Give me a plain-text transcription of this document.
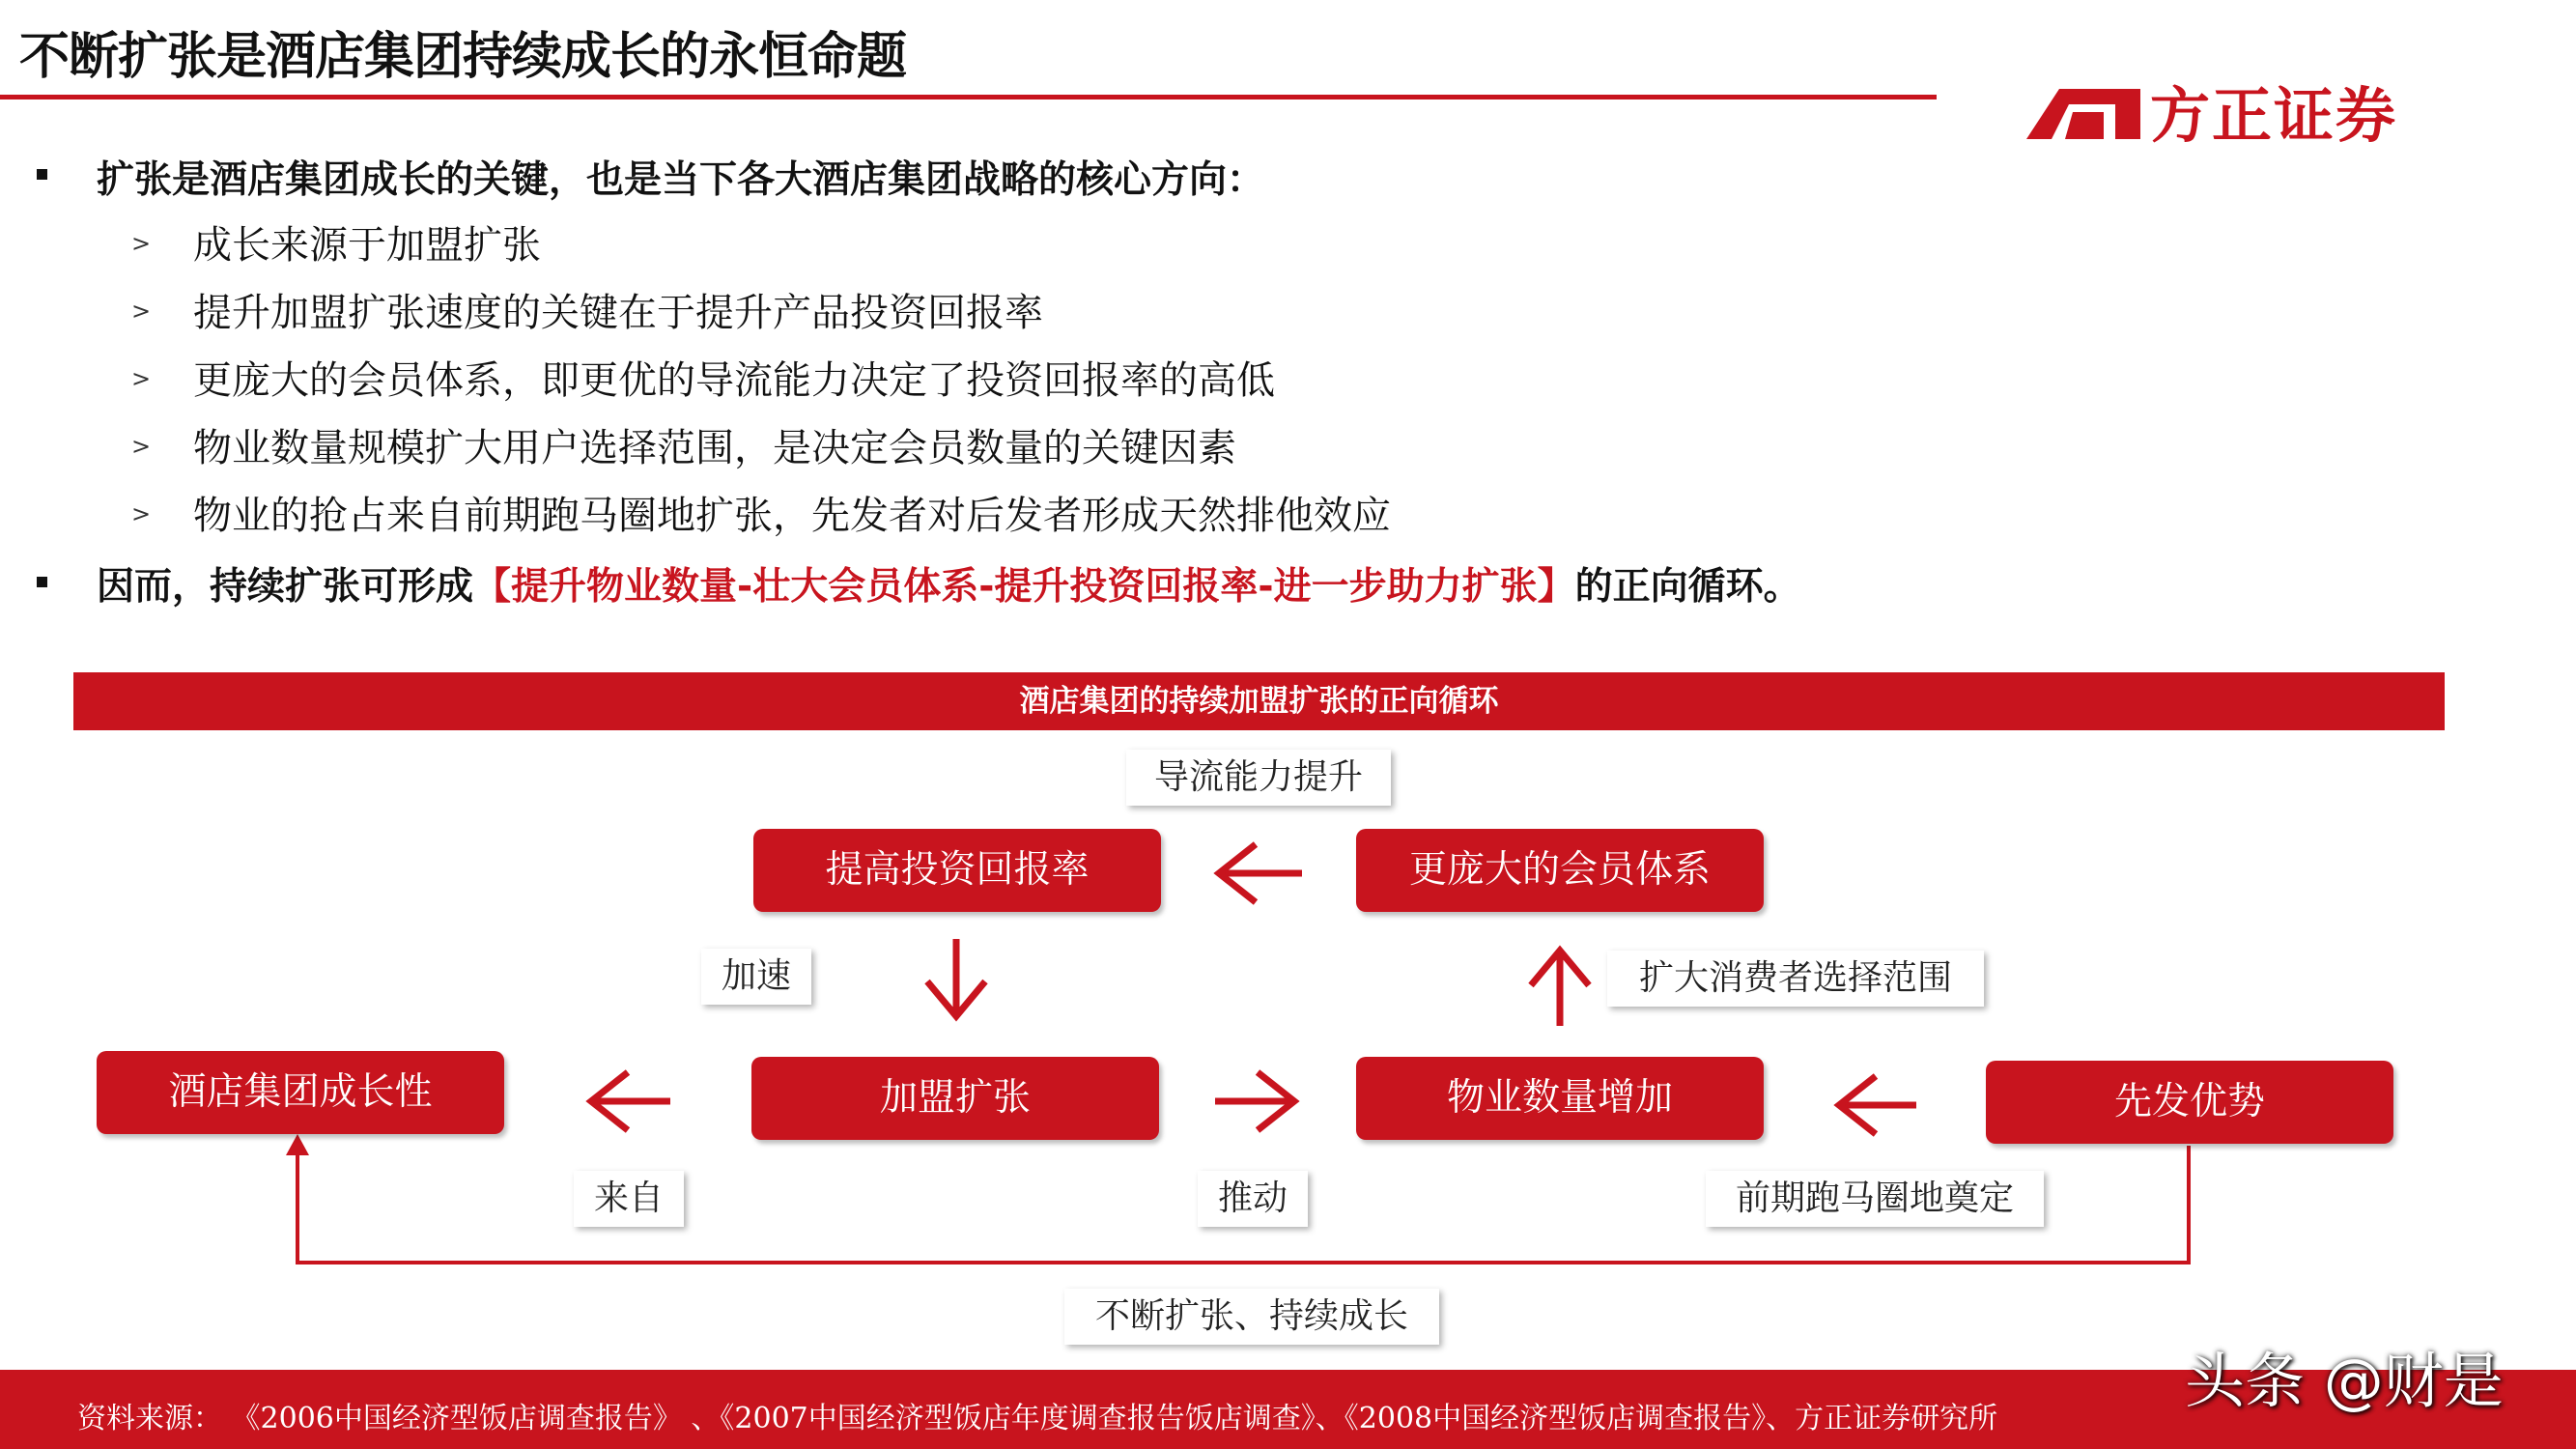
不断扩张是酒店集团持续成长的永恒命题
方正证券
扩张是酒店集团成长的关键，也是当下各大酒店集团战略的核心方向：
> 成长来源于加盟扩张
> 提升加盟扩张速度的关键在于提升产品投资回报率
> 更庞大的会员体系，即更优的导流能力决定了投资回报率的高低
> 物业数量规模扩大用户选择范围，是决定会员数量的关键因素
> 物业的抢占来自前期跑马圈地扩张，先发者对后发者形成天然排他效应
因而，持续扩张可形成【提升物业数量-壮大会员体系-提升投资回报率-进一步助力扩张】的正向循环。
酒店集团的持续加盟扩张的正向循环
提高投资回报率	更庞大的会员体系
酒店集团成长性	加盟扩张	物业数量增加	先发优势
导流能力提升
加速	扩大消费者选择范围
来自	推动	前期跑马圈地奠定
不断扩张、持续成长
资料来源： 《2006中国经济型饭店调查报告》 、《2007中国经济型饭店年度调查报告饭店调查》、《2008中国经济型饭店调查报告》、方正证券研究所
头条 @财是
